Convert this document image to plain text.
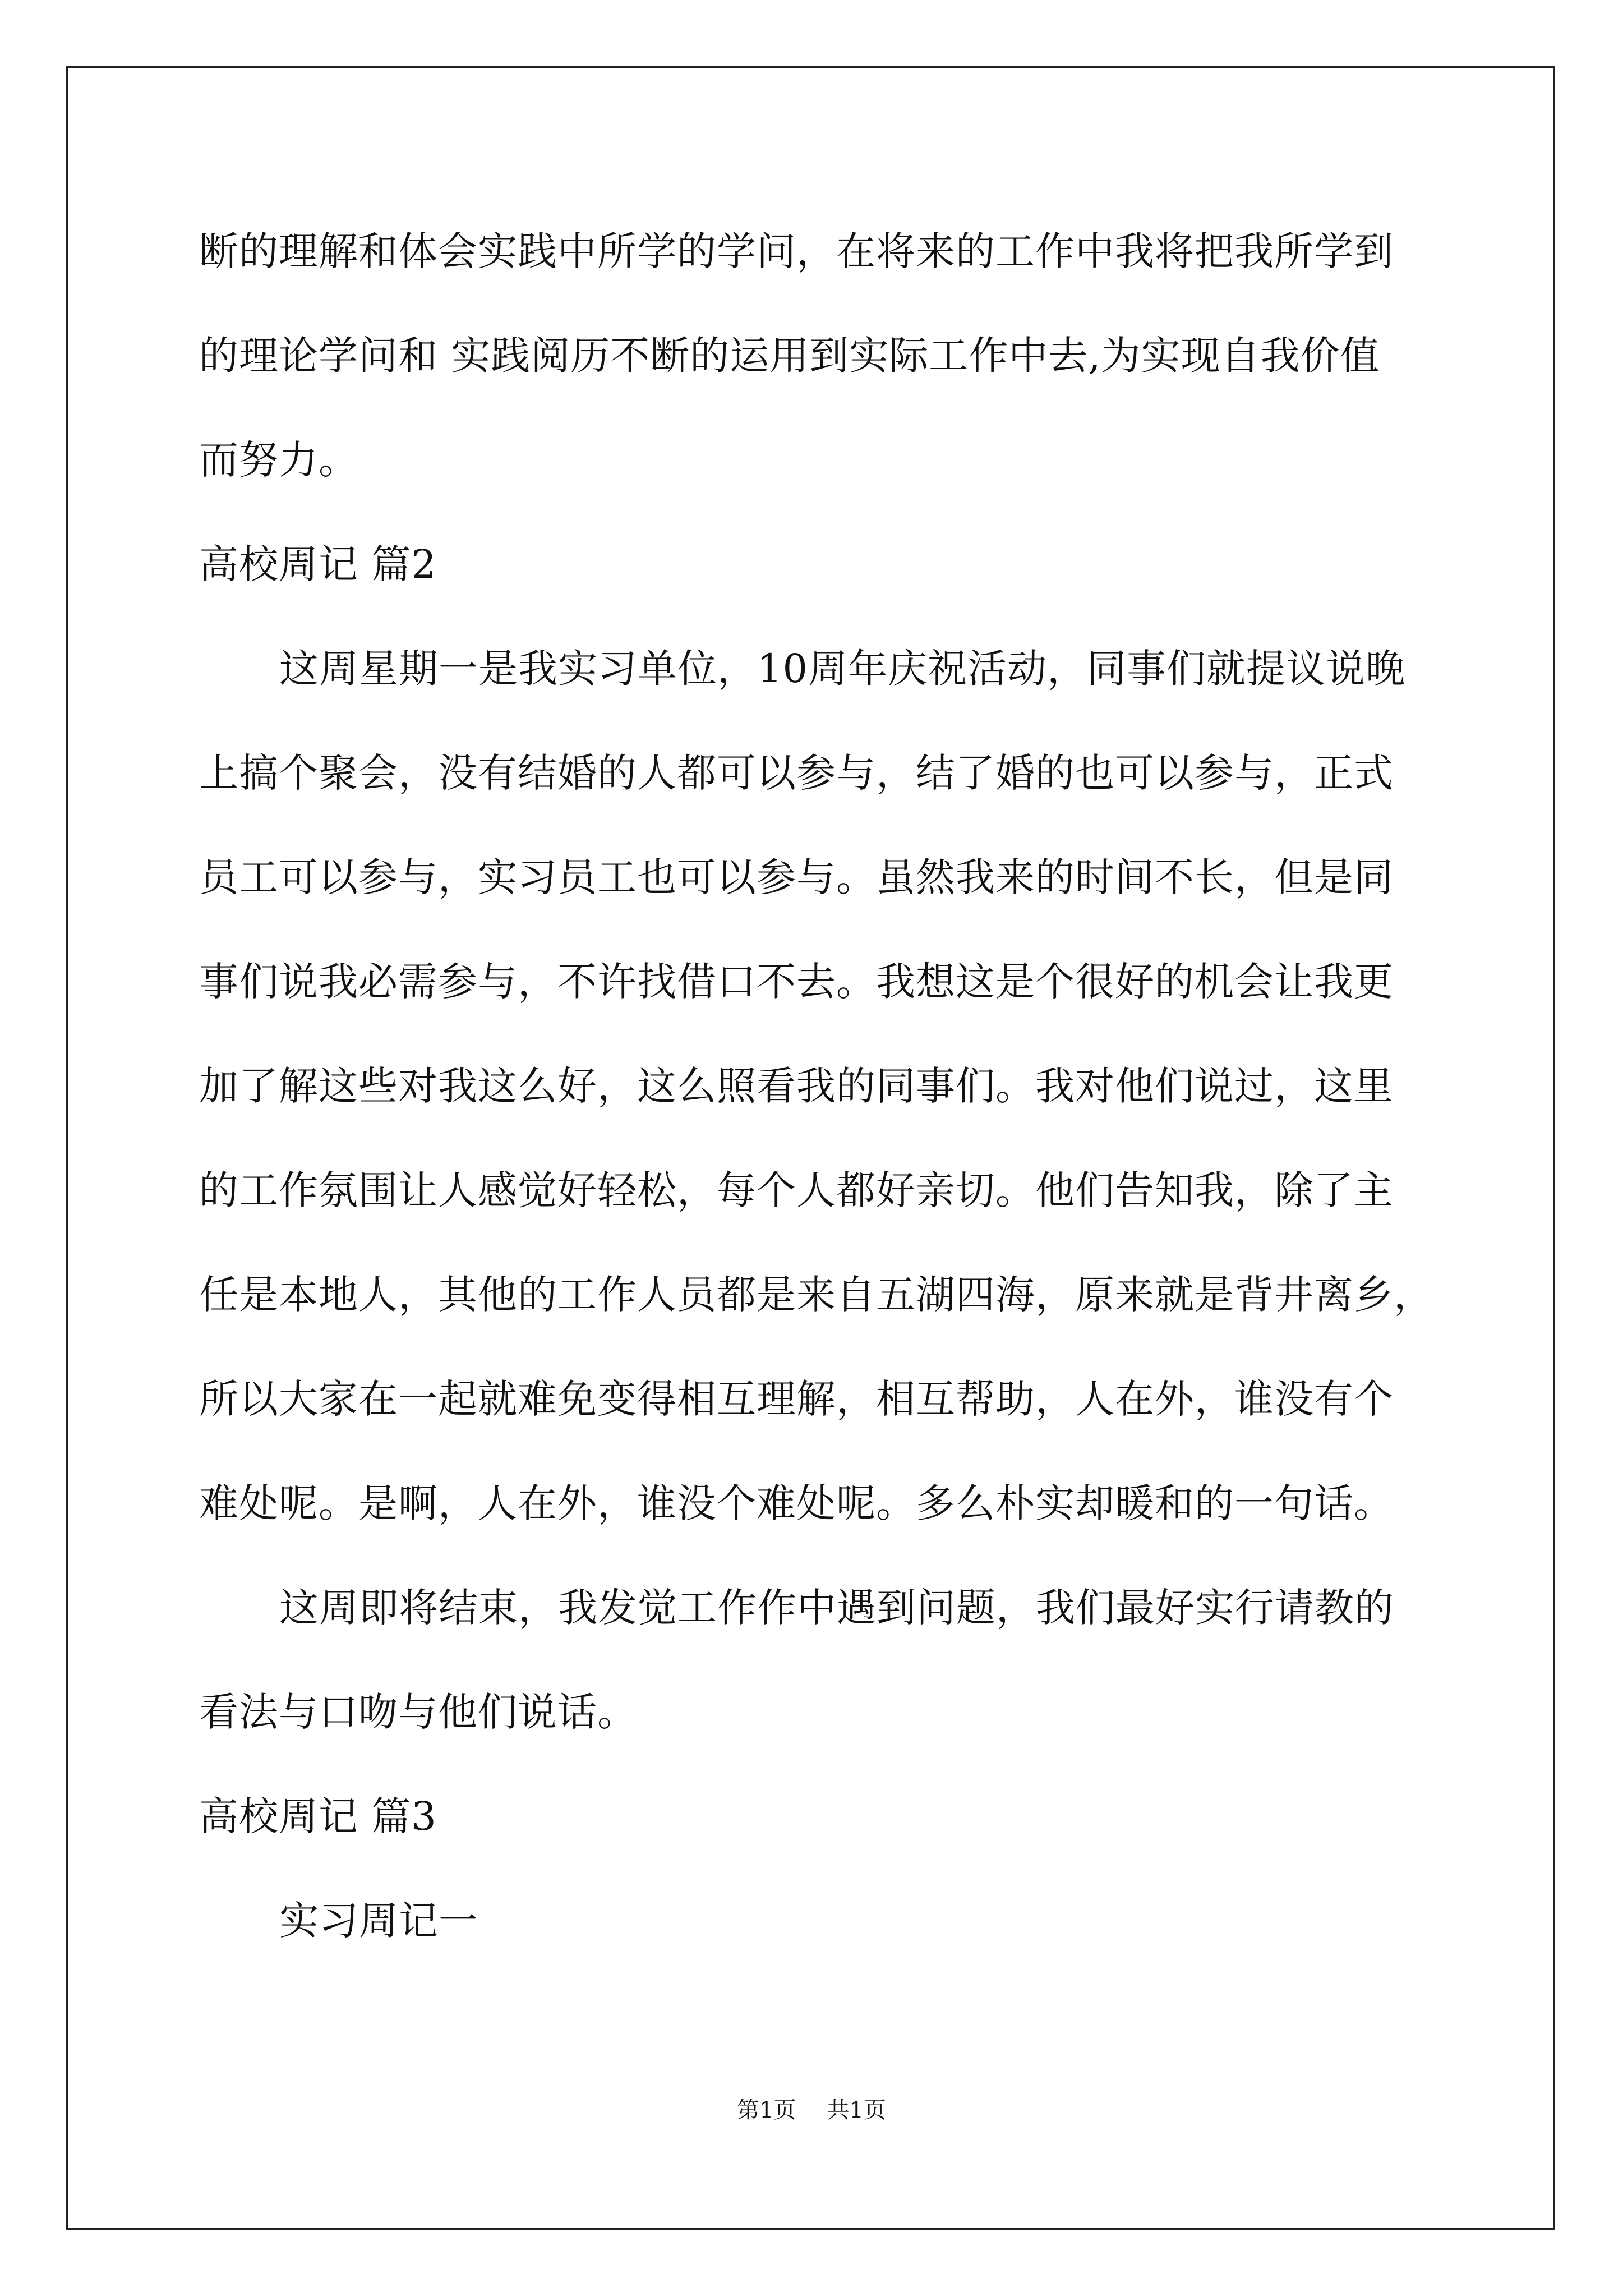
断的理解和体会实践中所学的学问，在将来的工作中我将把我所学到
的理论学问和 实践阅历不断的运用到实际工作中去,为实现自我价值
而努力。
高校周记 篇2
这周星期一是我实习单位，10周年庆祝活动，同事们就提议说晚
上搞个聚会，没有结婚的人都可以参与，结了婚的也可以参与，正式
员工可以参与，实习员工也可以参与。虽然我来的时间不长，但是同
事们说我必需参与，不许找借口不去。我想这是个很好的机会让我更
加了解这些对我这么好，这么照看我的同事们。我对他们说过，这里
的工作氛围让人感觉好轻松，每个人都好亲切。他们告知我，除了主
任是本地人，其他的工作人员都是来自五湖四海，原来就是背井离乡，
所以大家在一起就难免变得相互理解，相互帮助，人在外，谁没有个
难处呢。是啊，人在外，谁没个难处呢。多么朴实却暖和的一句话。
这周即将结束，我发觉工作作中遇到问题，我们最好实行请教的
看法与口吻与他们说话。
高校周记 篇3
实习周记一
第1页 共1页
